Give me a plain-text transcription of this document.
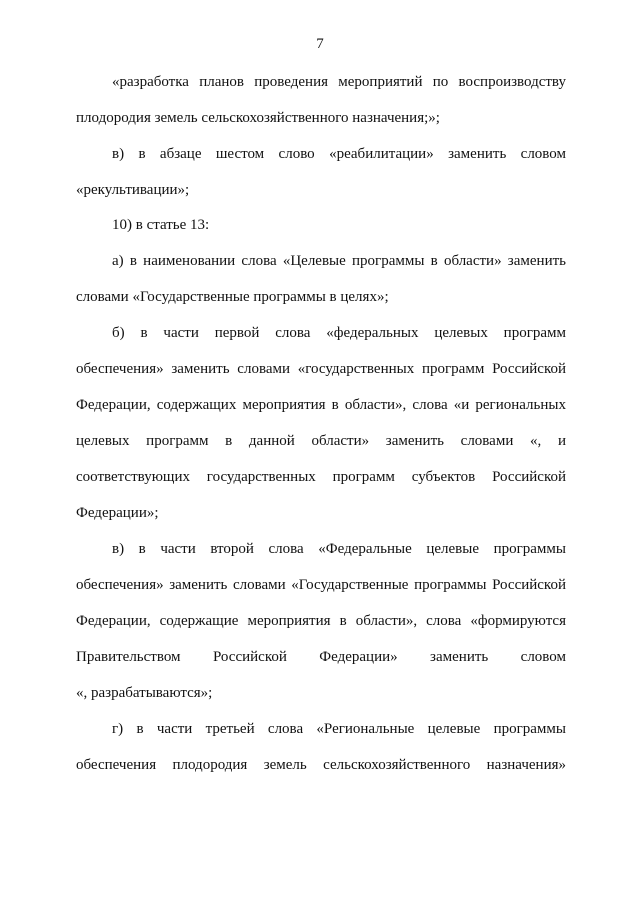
7
«разработка планов проведения мероприятий по воспроизводству
плодородия земель сельскохозяйственного назначения;»;
в) в абзаце шестом слово «реабилитации» заменить словом
«рекультивации»;
10) в статье 13:
а) в наименовании слова «Целевые программы в области» заменить
словами «Государственные программы в целях»;
б) в части первой слова «федеральных целевых программ
обеспечения» заменить словами «государственных программ Российской
Федерации, содержащих мероприятия в области», слова «и региональных
целевых программ в данной области» заменить словами «, и
соответствующих государственных программ субъектов Российской
Федерации»;
в) в части второй слова «Федеральные целевые программы
обеспечения» заменить словами «Государственные программы Российской
Федерации, содержащие мероприятия в области», слова «формируются
Правительством Российской Федерации» заменить словом
«, разрабатываются»;
г) в части третьей слова «Региональные целевые программы
обеспечения плодородия земель сельскохозяйственного назначения»
